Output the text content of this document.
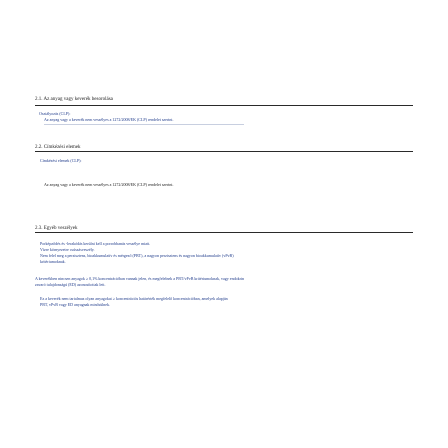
2.1. Az anyag vagy keverék besorolása
Osztályozás (CLP):
Az anyag vagy a keverék nem veszélyes a 1272/2008/EK (CLP) rendelet szerint.
2.2. Címkézési elemek
Címkézési elemek (CLP):
Az anyag vagy a keverék nem veszélyes a 1272/2008/EK (CLP) rendelet szerint.
2.3. Egyéb veszélyek
Porképződés és -lerakódás kerülni kell a porrobbanás veszélye miatt.
Vízre környezetre csúszásveszély.
Nem felel meg a perzisztens, bioakkumulatív és mérgező (PBT), a nagyon perzisztens és nagyon bioakkumulatív (vPvB)
kritériumoknak.
A keverékben nincsen anyagok ≥ 0,1% koncentrációban vannak jelen, és megfelelnek a PBT/vPvB kritériumoknak, vagy endokrin
zavaró tulajdonságú (ED) azonosítottak lett.
Ez a keverék nem tartalmaz olyan anyagokat ≥ koncentrációs határérték megfelelő koncentrációban, amelyek alapján
PBT, vPvB vagy ED anyagnak minősülnek.
